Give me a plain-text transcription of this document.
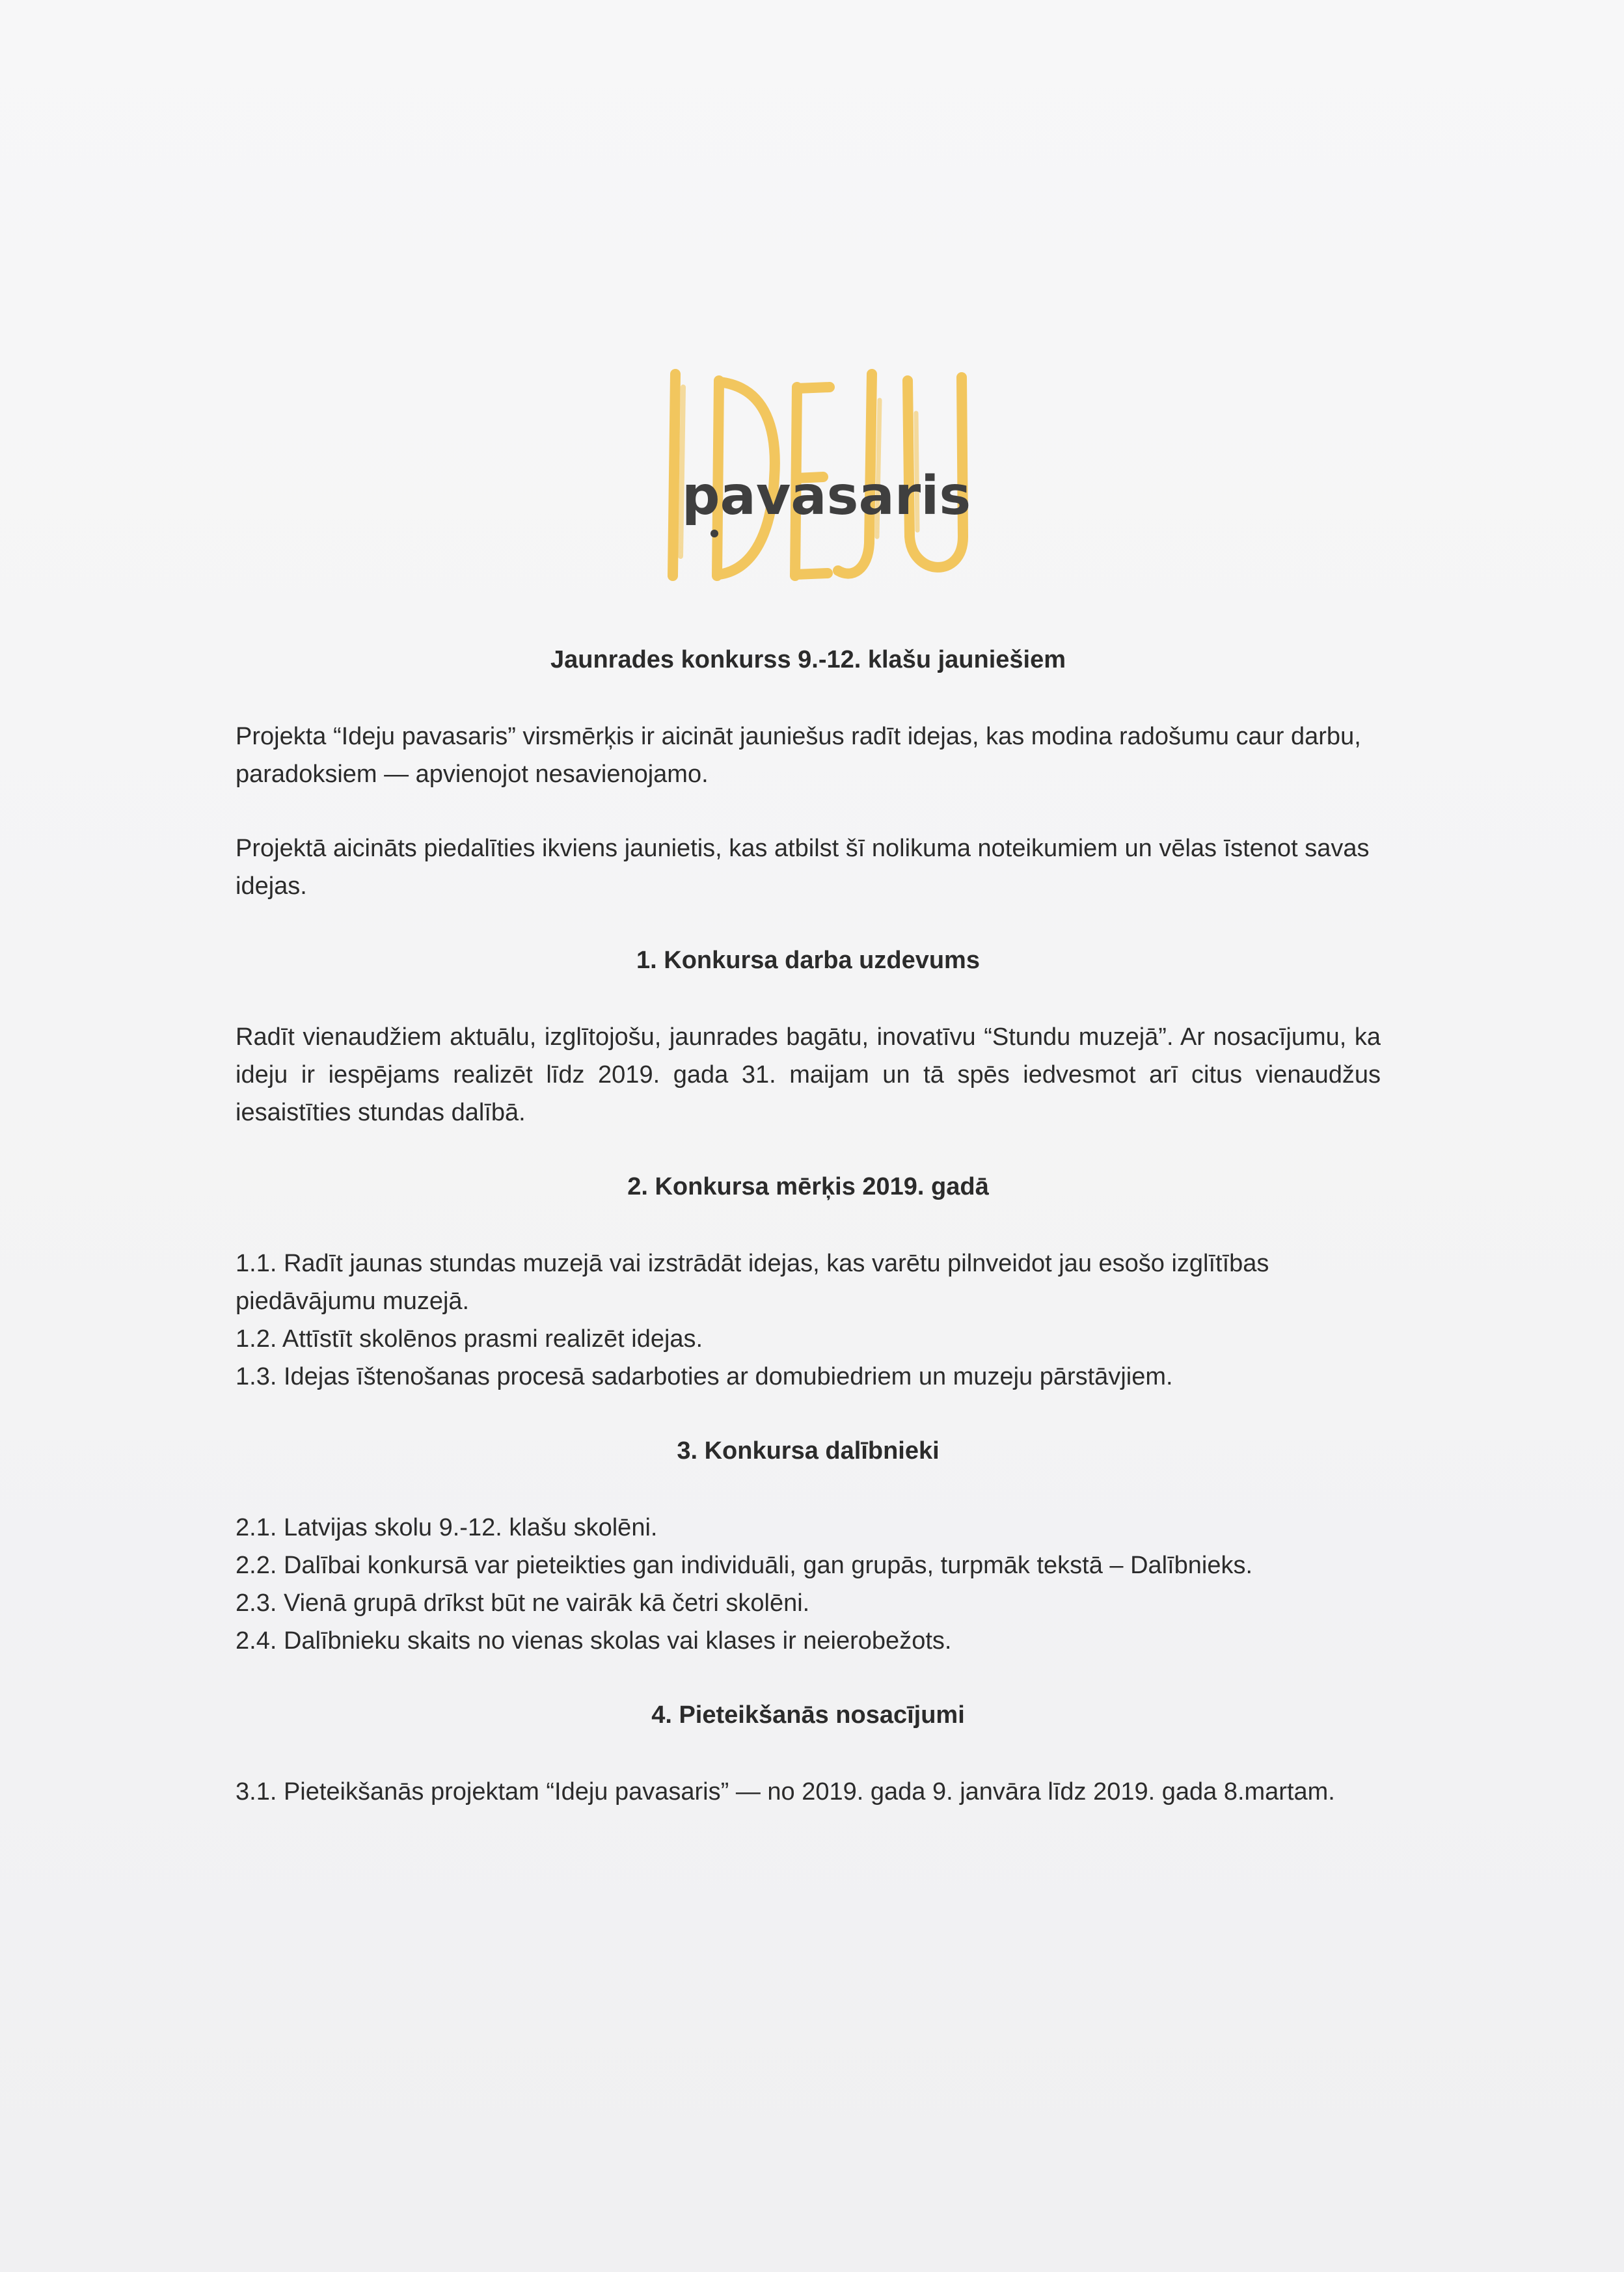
pavasaris

Jaunrades konkurss 9.-12. klašu jauniešiem

Projekta “Ideju pavasaris” virsmērķis ir aicināt jauniešus radīt idejas, kas modina radošumu caur darbu, paradoksiem — apvienojot nesavienojamo.

Projektā aicināts piedalīties ikviens jaunietis, kas atbilst šī nolikuma noteikumiem un vēlas īstenot savas idejas.

1. Konkursa darba uzdevums

Radīt vienaudžiem aktuālu, izglītojošu, jaunrades bagātu, inovatīvu “Stundu muzejā”. Ar nosacījumu, ka ideju ir iespējams realizēt līdz 2019. gada 31. maijam un tā spēs iedvesmot arī citus vienaudžus iesaistīties stundas dalībā.

2. Konkursa mērķis 2019. gadā

1.1. Radīt jaunas stundas muzejā vai izstrādāt idejas, kas varētu pilnveidot jau esošo izglītības piedāvājumu muzejā.

1.2. Attīstīt skolēnos prasmi realizēt idejas.

1.3. Idejas īštenošanas procesā sadarboties ar domubiedriem un muzeju pārstāvjiem.

3. Konkursa dalībnieki

2.1. Latvijas skolu 9.-12. klašu skolēni.

2.2. Dalībai konkursā var pieteikties gan individuāli, gan grupās, turpmāk tekstā – Dalībnieks.

2.3. Vienā grupā drīkst būt ne vairāk kā četri skolēni.

2.4. Dalībnieku skaits no vienas skolas vai klases ir neierobežots.

4. Pieteikšanās nosacījumi

3.1. Pieteikšanās projektam “Ideju pavasaris” — no 2019. gada 9. janvāra līdz 2019. gada 8.martam.
